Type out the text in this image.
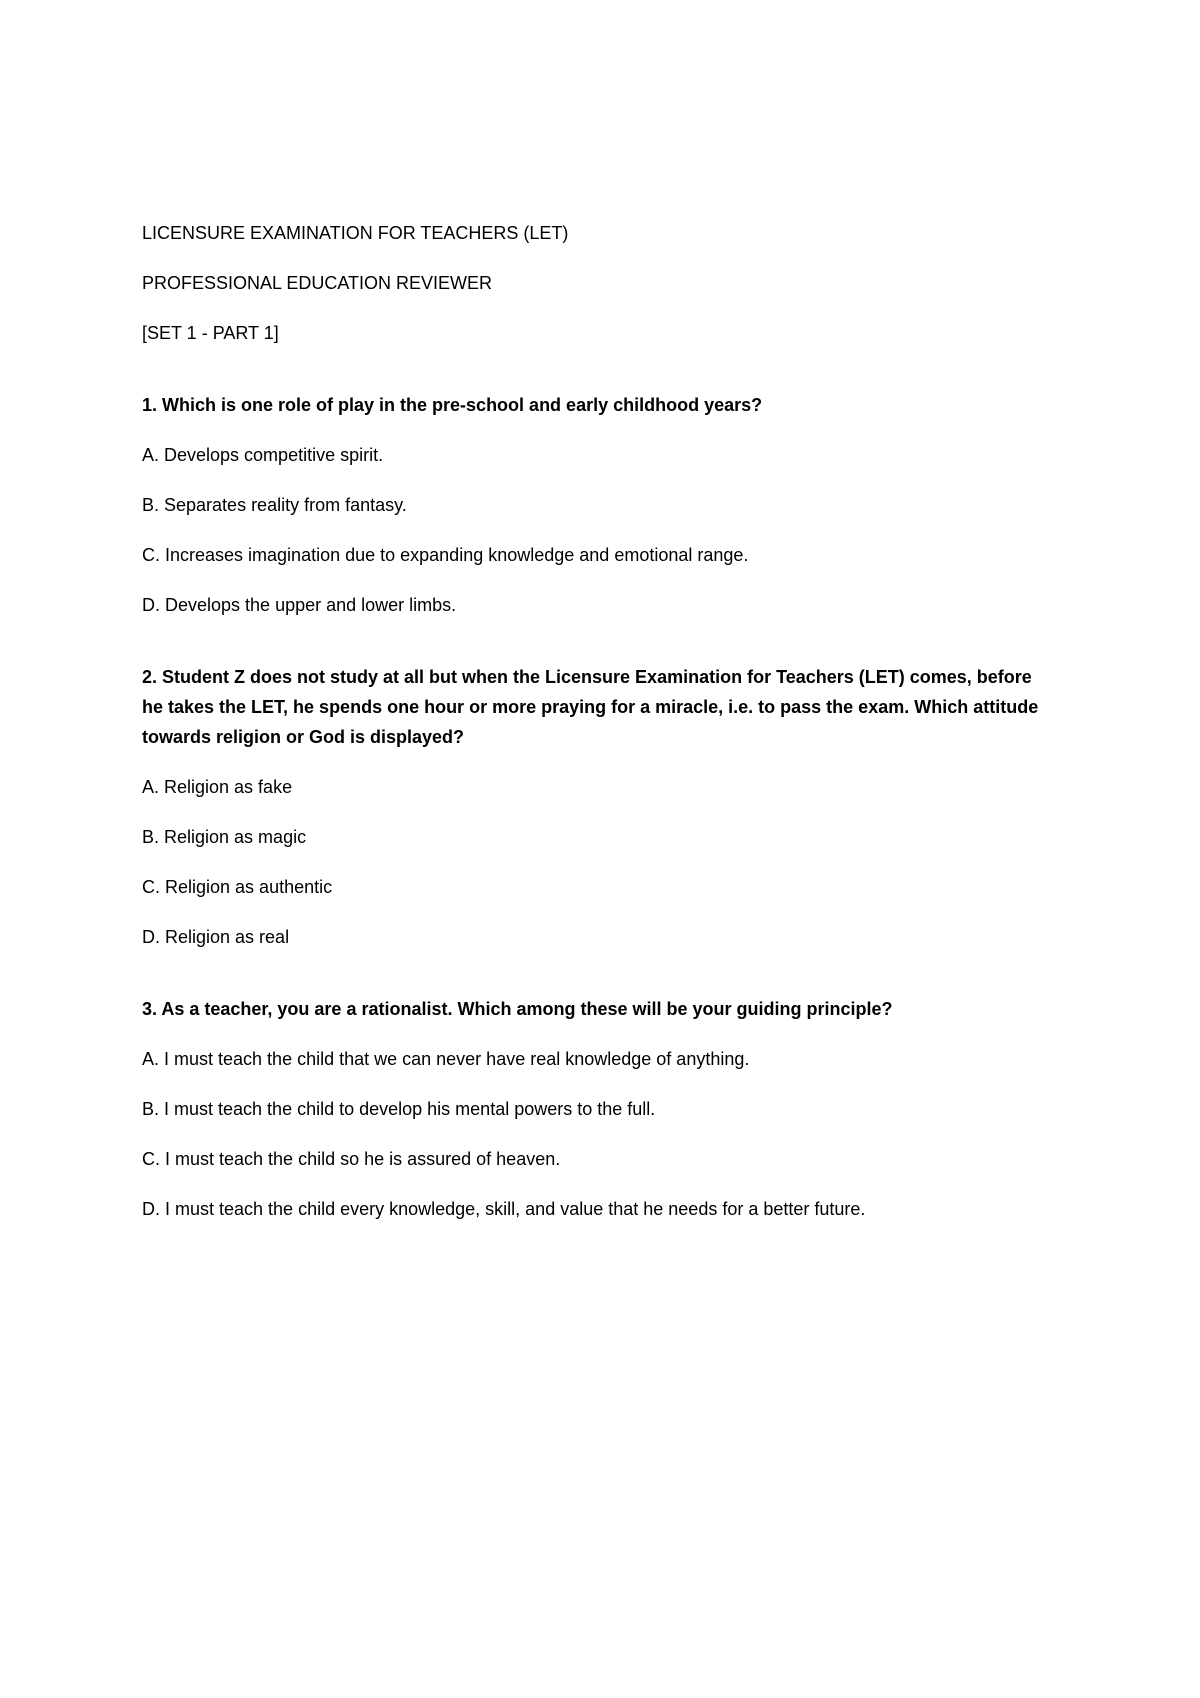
LICENSURE EXAMINATION FOR TEACHERS (LET)

PROFESSIONAL EDUCATION REVIEWER

[SET 1 - PART 1]

1. Which is one role of play in the pre-school and early childhood years?

A. Develops competitive spirit.

B. Separates reality from fantasy.

C. Increases imagination due to expanding knowledge and emotional range.

D. Develops the upper and lower limbs.

2. Student Z does not study at all but when the Licensure Examination for Teachers (LET) comes, before he takes the LET, he spends one hour or more praying for a miracle, i.e. to pass the exam. Which attitude towards religion or God is displayed?

A. Religion as fake

B. Religion as magic

C. Religion as authentic

D. Religion as real

3. As a teacher, you are a rationalist. Which among these will be your guiding principle?

A. I must teach the child that we can never have real knowledge of anything.

B. I must teach the child to develop his mental powers to the full.

C. I must teach the child so he is assured of heaven.

D. I must teach the child every knowledge, skill, and value that he needs for a better future.
